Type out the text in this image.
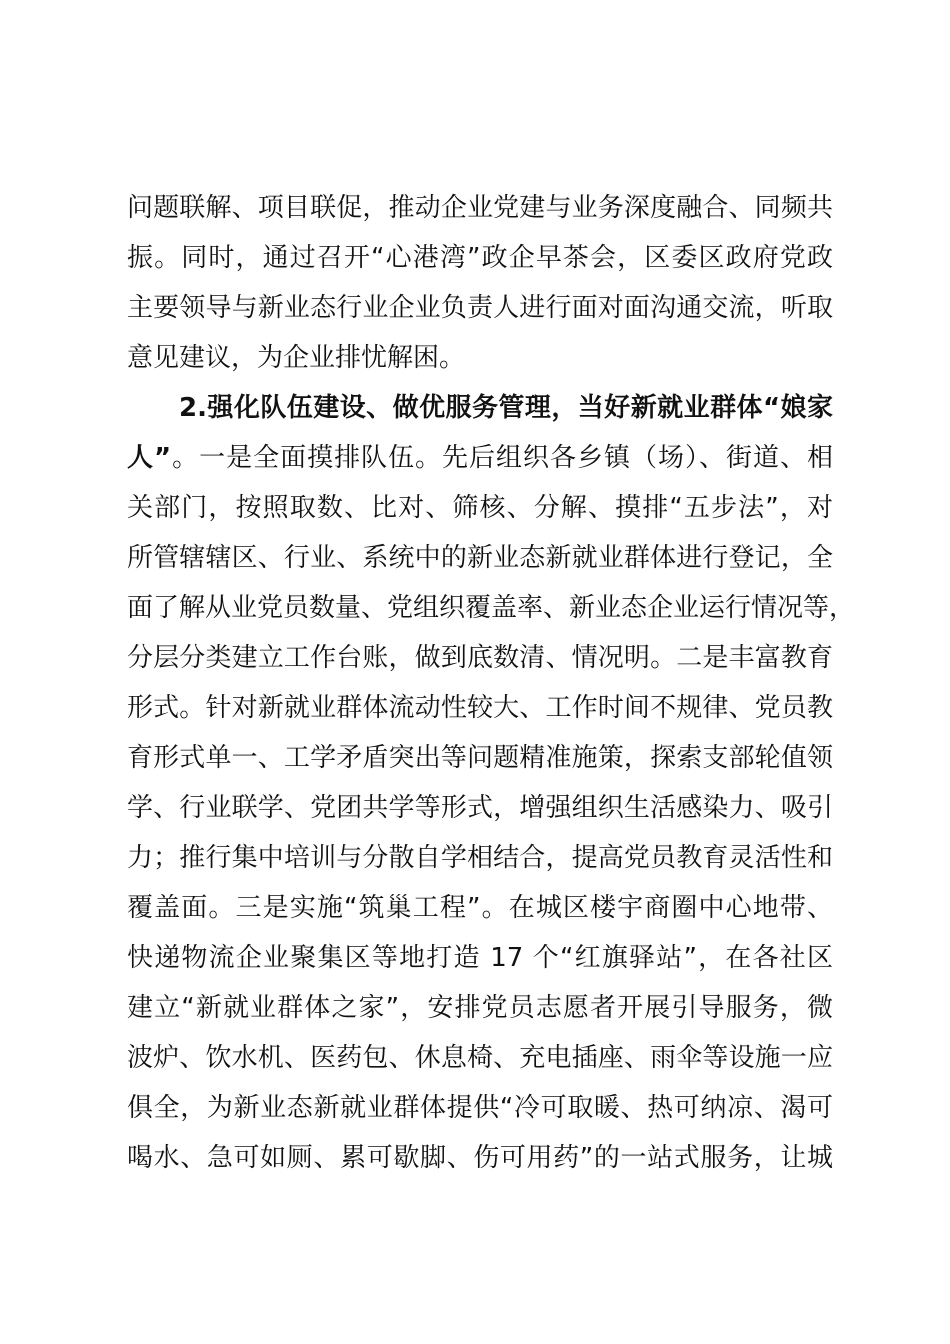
问题联解、项目联促，推动企业党建与业务深度融合、同频共
振。同时，通过召开“心港湾”政企早茶会，区委区政府党政
主要领导与新业态行业企业负责人进行面对面沟通交流，听取
意见建议，为企业排忧解困。
2.强化队伍建设、做优服务管理，当好新就业群体“娘家
人”。一是全面摸排队伍。先后组织各乡镇（场）、街道、相
关部门，按照取数、比对、筛核、分解、摸排“五步法”，对
所管辖辖区、行业、系统中的新业态新就业群体进行登记，全
面了解从业党员数量、党组织覆盖率、新业态企业运行情况等，
分层分类建立工作台账，做到底数清、情况明。二是丰富教育
形式。针对新就业群体流动性较大、工作时间不规律、党员教
育形式单一、工学矛盾突出等问题精准施策，探索支部轮值领
学、行业联学、党团共学等形式，增强组织生活感染力、吸引
力；推行集中培训与分散自学相结合，提高党员教育灵活性和
覆盖面。三是实施“筑巢工程”。在城区楼宇商圈中心地带、
快递物流企业聚集区等地打造 17 个“红旗驿站”，在各社区
建立“新就业群体之家”，安排党员志愿者开展引导服务，微
波炉、饮水机、医药包、休息椅、充电插座、雨伞等设施一应
俱全，为新业态新就业群体提供“冷可取暖、热可纳凉、渴可
喝水、急可如厕、累可歇脚、伤可用药”的一站式服务，让城
